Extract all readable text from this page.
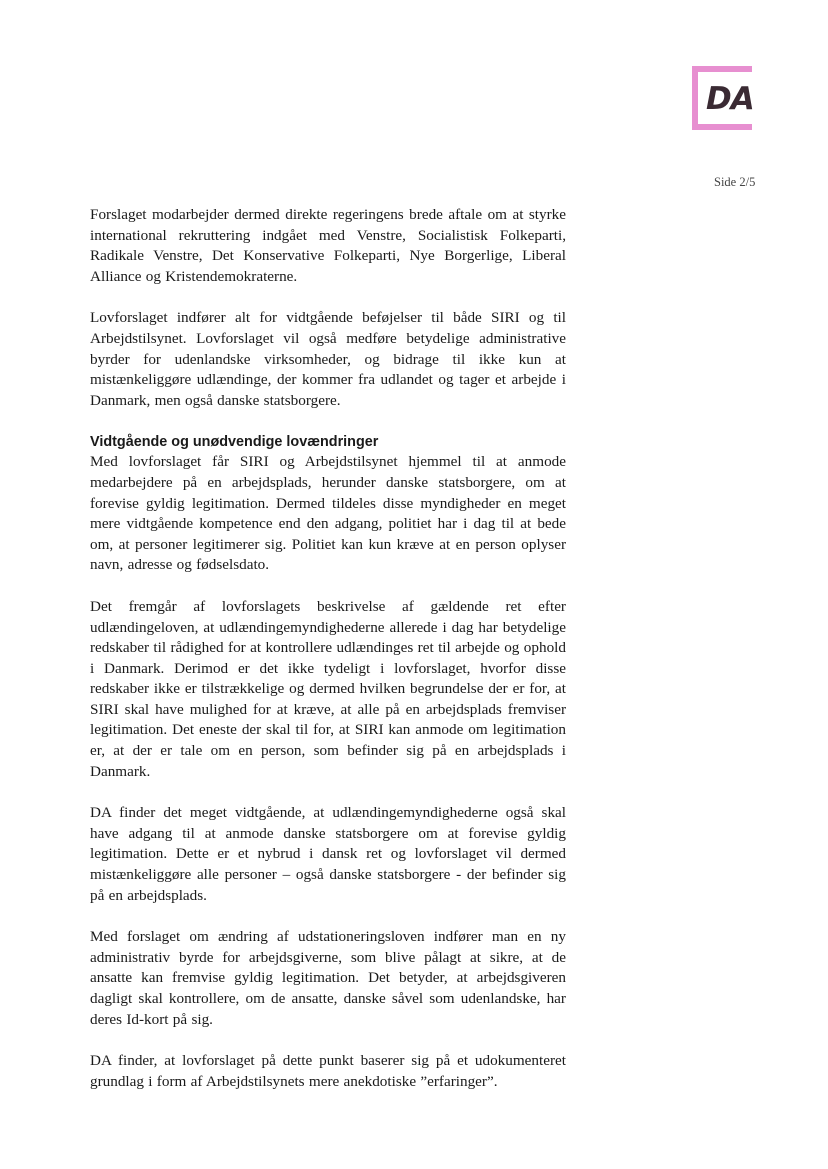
DA
Side 2/5

Forslaget modarbejder dermed direkte regeringens brede aftale om at styrke international rekruttering indgået med Venstre, Socialistisk Folkeparti, Radikale Venstre, Det Konservative Folkeparti, Nye Borgerlige, Liberal Alliance og Kristendemokraterne.

Lovforslaget indfører alt for vidtgående beføjelser til både SIRI og til Arbejdstilsynet. Lovforslaget vil også medføre betydelige administrative byrder for udenlandske virksomheder, og bidrage til ikke kun at mistænkeliggøre udlændinge, der kommer fra udlandet og tager et arbejde i Danmark, men også danske statsborgere.

Vidtgående og unødvendige lovændringer

Med lovforslaget får SIRI og Arbejdstilsynet hjemmel til at anmode medarbejdere på en arbejdsplads, herunder danske statsborgere, om at forevise gyldig legitimation. Dermed tildeles disse myndigheder en meget mere vidtgående kompetence end den adgang, politiet har i dag til at bede om, at personer legitimerer sig. Politiet kan kun kræve at en person oplyser navn, adresse og fødselsdato.

Det fremgår af lovforslagets beskrivelse af gældende ret efter udlændingeloven, at udlændingemyndighederne allerede i dag har betydelige redskaber til rådighed for at kontrollere udlændinges ret til arbejde og ophold i Danmark. Derimod er det ikke tydeligt i lovforslaget, hvorfor disse redskaber ikke er tilstrækkelige og dermed hvilken begrundelse der er for, at SIRI skal have mulighed for at kræve, at alle på en arbejdsplads fremviser legitimation. Det eneste der skal til for, at SIRI kan anmode om legitimation er, at der er tale om en person, som befinder sig på en arbejdsplads i Danmark.

DA finder det meget vidtgående, at udlændingemyndighederne også skal have adgang til at anmode danske statsborgere om at forevise gyldig legitimation. Dette er et nybrud i dansk ret og lovforslaget vil dermed mistænkeliggøre alle personer – også danske statsborgere - der befinder sig på en arbejdsplads.

Med forslaget om ændring af udstationeringsloven indfører man en ny administrativ byrde for arbejdsgiverne, som blive pålagt at sikre, at de ansatte kan fremvise gyldig legitimation. Det betyder, at arbejdsgiveren dagligt skal kontrollere, om de ansatte, danske såvel som udenlandske, har deres Id-kort på sig.

DA finder, at lovforslaget på dette punkt baserer sig på et udokumenteret grundlag i form af Arbejdstilsynets mere anekdotiske ”erfaringer”.
